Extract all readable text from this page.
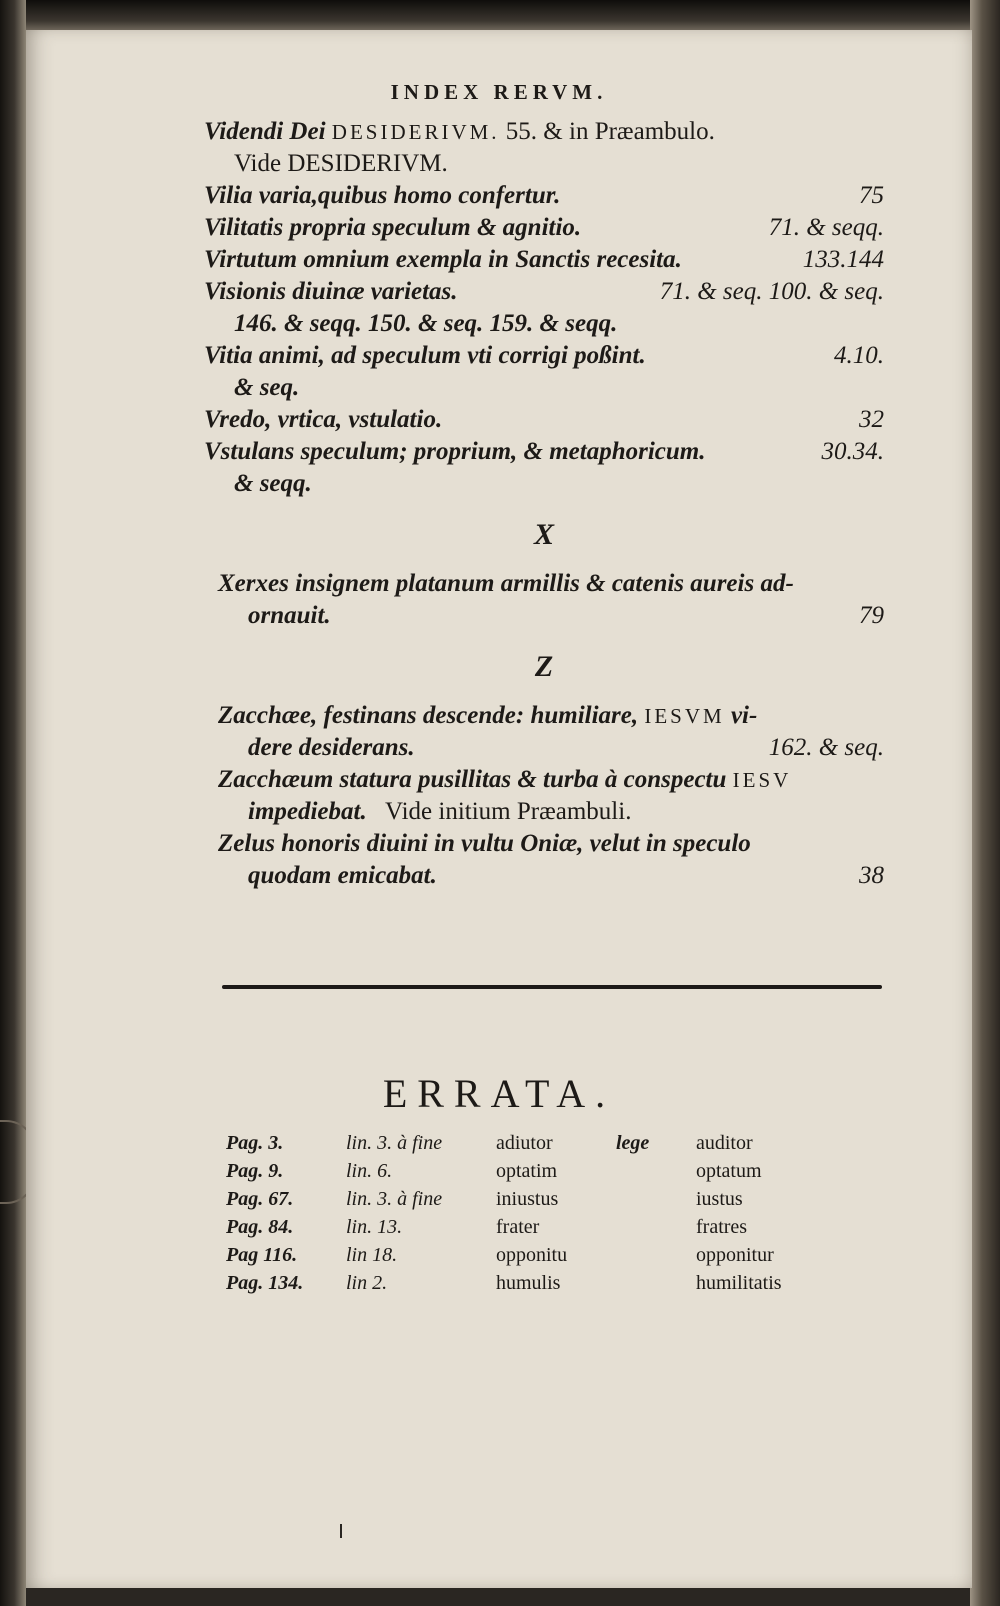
INDEX RERVM.
Videndi Dei DESIDERIVM. 55. & in Præambulo.
Vide DESIDERIVM.
Vilia varia,quibus homo confertur.	75
Vilitatis propria speculum & agnitio.	71. & seqq.
Virtutum omnium exempla in Sanctis recesita.	133.144
Visionis diuinæ varietas.	71. & seq. 100. & seq.
146. & seqq. 150. & seq. 159. & seqq.
Vitia animi, ad speculum vti corrigi poßint.	4.10.
& seq.
Vredo, vrtica, vstulatio.	32
Vstulans speculum; proprium, & metaphoricum.	30.34.
& seqq.
X
Xerxes insignem platanum armillis & catenis aureis ad-
ornauit.	79
Z
Zacchæe, festinans descende: humiliare, IESVM vi-
dere desiderans.	162. & seq.
Zacchæum statura pusillitas & turba à conspectu IESV
impediebat.   Vide initium Præambuli.
Zelus honoris diuini in vultu Oniæ, velut in speculo
quodam emicabat.	38
ERRATA.
Pag. 3.	lin. 3. à fine	adiutor	lege auditor
Pag. 9.	lin. 6.	optatim	optatum
Pag. 67.	lin. 3. à fine	iniustus	iustus
Pag. 84.	lin. 13.	frater	fratres
Pag 116. lin 18.	opponitu	opponitur
Pag. 134. lin 2.	humulis	humilitatis
